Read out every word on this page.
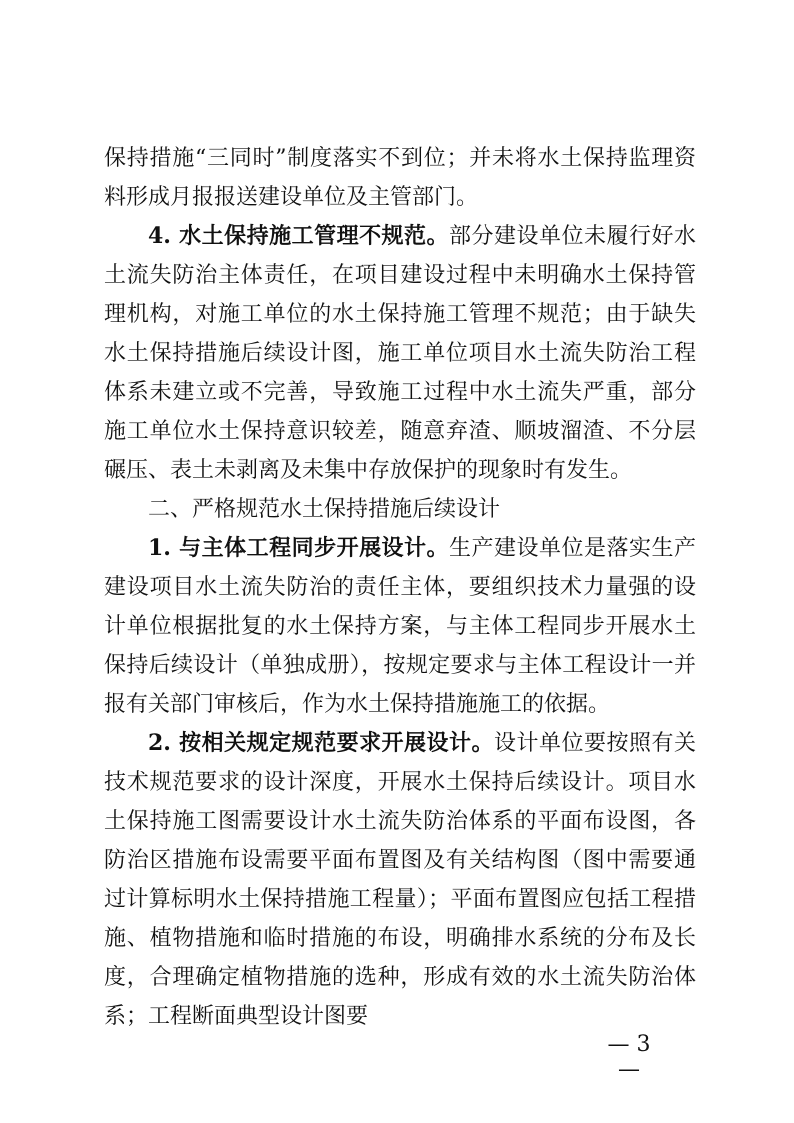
保持措施“三同时”制度落实不到位；并未将水土保持监理资料形成月报报送建设单位及主管部门。

4. 水土保持施工管理不规范。部分建设单位未履行好水土流失防治主体责任，在项目建设过程中未明确水土保持管理机构，对施工单位的水土保持施工管理不规范；由于缺失水土保持措施后续设计图，施工单位项目水土流失防治工程体系未建立或不完善，导致施工过程中水土流失严重，部分施工单位水土保持意识较差，随意弃渣、顺坡溜渣、不分层碾压、表土未剥离及未集中存放保护的现象时有发生。

二、严格规范水土保持措施后续设计

1. 与主体工程同步开展设计。生产建设单位是落实生产建设项目水土流失防治的责任主体，要组织技术力量强的设计单位根据批复的水土保持方案，与主体工程同步开展水土保持后续设计（单独成册），按规定要求与主体工程设计一并报有关部门审核后，作为水土保持措施施工的依据。

2. 按相关规定规范要求开展设计。设计单位要按照有关技术规范要求的设计深度，开展水土保持后续设计。项目水土保持施工图需要设计水土流失防治体系的平面布设图，各防治区措施布设需要平面布置图及有关结构图（图中需要通过计算标明水土保持措施工程量）；平面布置图应包括工程措施、植物措施和临时措施的布设，明确排水系统的分布及长度，合理确定植物措施的选种，形成有效的水土流失防治体系；工程断面典型设计图要

— 3 —
